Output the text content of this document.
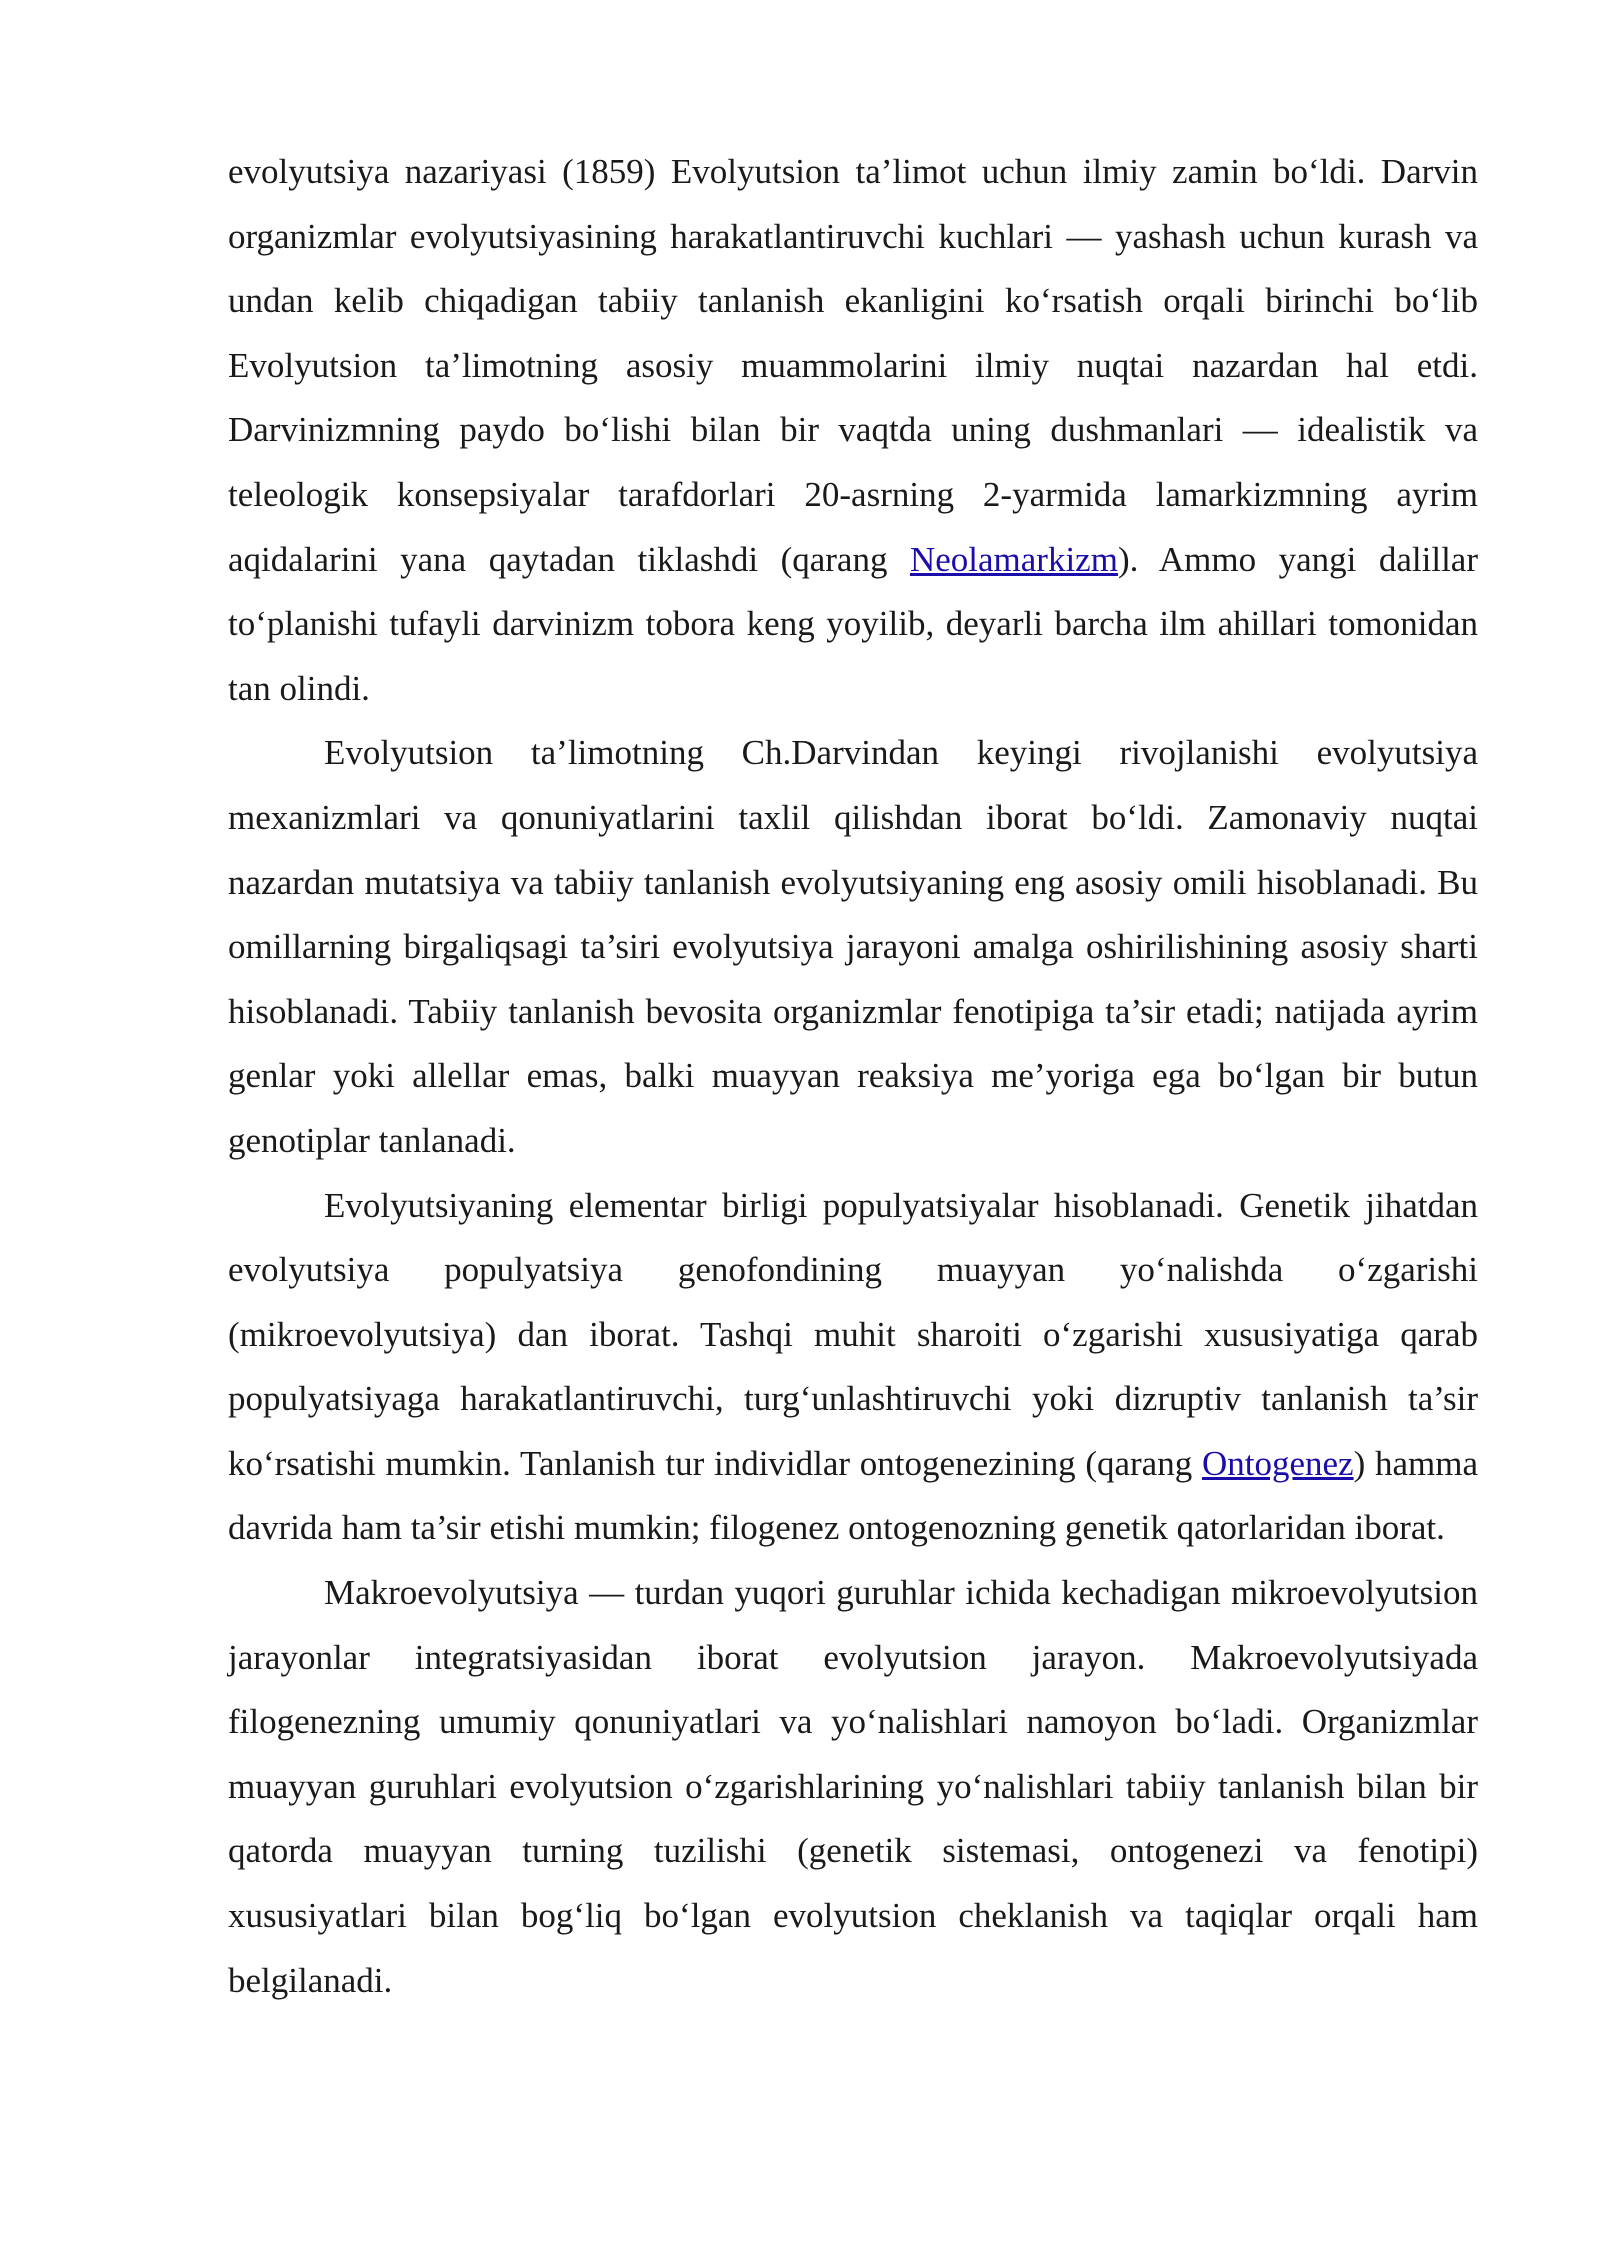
evolyutsiya nazariyasi (1859) Evolyutsion ta’limot uchun ilmiy zamin bo‘ldi. Darvin organizmlar evolyutsiyasining harakatlantiruvchi kuchlari — yashash uchun kurash va undan kelib chiqadigan tabiiy tanlanish ekanligini ko‘rsatish orqali birinchi bo‘lib Evolyutsion ta’limotning asosiy muammolarini ilmiy nuqtai nazardan hal etdi. Darvinizmning paydo bo‘lishi bilan bir vaqtda uning dushmanlari — idealistik va teleologik konsepsiyalar tarafdorlari 20-asrning 2-yarmida lamarkizmning ayrim aqidalarini yana qaytadan tiklashdi (qarang Neolamarkizm). Ammo yangi dalillar to‘planishi tufayli darvinizm tobora keng yoyilib, deyarli barcha ilm ahillari tomonidan tan olindi.

Evolyutsion ta’limotning Ch.Darvindan keyingi rivojlanishi evolyutsiya mexanizmlari va qonuniyatlarini taxlil qilishdan iborat bo‘ldi. Zamonaviy nuqtai nazardan mutatsiya va tabiiy tanlanish evolyutsiyaning eng asosiy omili hisoblanadi. Bu omillarning birgaliqsagi ta’siri evolyutsiya jarayoni amalga oshirilishining asosiy sharti hisoblanadi. Tabiiy tanlanish bevosita organizmlar fenotipiga ta’sir etadi; natijada ayrim genlar yoki allellar emas, balki muayyan reaksiya me’yoriga ega bo‘lgan bir butun genotiplar tanlanadi.

Evolyutsiyaning elementar birligi populyatsiyalar hisoblanadi. Genetik jihatdan evolyutsiya populyatsiya genofondining muayyan yo‘nalishda o‘zgarishi (mikroevolyutsiya) dan iborat. Tashqi muhit sharoiti o‘zgarishi xususiyatiga qarab populyatsiyaga harakatlantiruvchi, turg‘unlashtiruvchi yoki dizruptiv tanlanish ta’sir ko‘rsatishi mumkin. Tanlanish tur individlar ontogenezining (qarang Ontogenez) hamma davrida ham ta’sir etishi mumkin; filogenez ontogenozning genetik qatorlaridan iborat.

Makroevolyutsiya — turdan yuqori guruhlar ichida kechadigan mikroevolyutsion jarayonlar integratsiyasidan iborat evolyutsion jarayon. Makroevolyutsiyada filogenezning umumiy qonuniyatlari va yo‘nalishlari namoyon bo‘ladi. Organizmlar muayyan guruhlari evolyutsion o‘zgarishlarining yo‘nalishlari tabiiy tanlanish bilan bir qatorda muayyan turning tuzilishi (genetik sistemasi, ontogenezi va fenotipi) xususiyatlari bilan bog‘liq bo‘lgan evolyutsion cheklanish va taqiqlar orqali ham belgilanadi.
